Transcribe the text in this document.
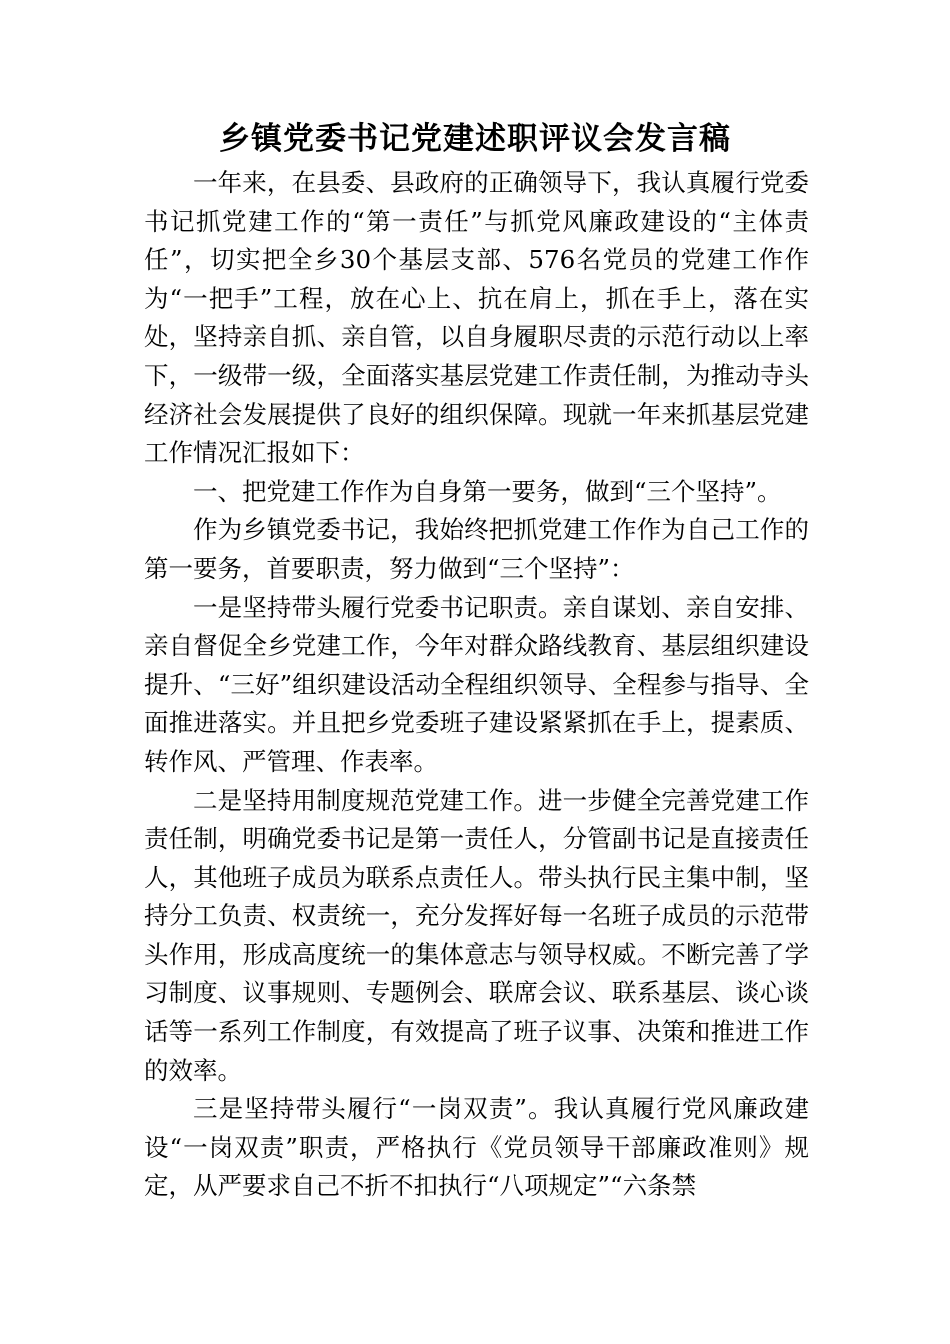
乡镇党委书记党建述职评议会发言稿

一年来，在县委、县政府的正确领导下，我认真履行党委书记抓党建工作的“第一责任”与抓党风廉政建设的“主体责任”，切实把全乡30个基层支部、576名党员的党建工作作为“一把手”工程，放在心上、抗在肩上，抓在手上，落在实处，坚持亲自抓、亲自管，以自身履职尽责的示范行动以上率下，一级带一级，全面落实基层党建工作责任制，为推动寺头经济社会发展提供了良好的组织保障。现就一年来抓基层党建工作情况汇报如下：

一、把党建工作作为自身第一要务，做到“三个坚持”。

作为乡镇党委书记，我始终把抓党建工作作为自己工作的第一要务，首要职责，努力做到“三个坚持”：

一是坚持带头履行党委书记职责。亲自谋划、亲自安排、亲自督促全乡党建工作，今年对群众路线教育、基层组织建设提升、“三好”组织建设活动全程组织领导、全程参与指导、全面推进落实。并且把乡党委班子建设紧紧抓在手上，提素质、转作风、严管理、作表率。

二是坚持用制度规范党建工作。进一步健全完善党建工作责任制，明确党委书记是第一责任人，分管副书记是直接责任人，其他班子成员为联系点责任人。带头执行民主集中制，坚持分工负责、权责统一，充分发挥好每一名班子成员的示范带头作用，形成高度统一的集体意志与领导权威。不断完善了学习制度、议事规则、专题例会、联席会议、联系基层、谈心谈话等一系列工作制度，有效提高了班子议事、决策和推进工作的效率。

三是坚持带头履行“一岗双责”。我认真履行党风廉政建设“一岗双责”职责，严格执行《党员领导干部廉政准则》规定，从严要求自己不折不扣执行“八项规定”“六条禁
